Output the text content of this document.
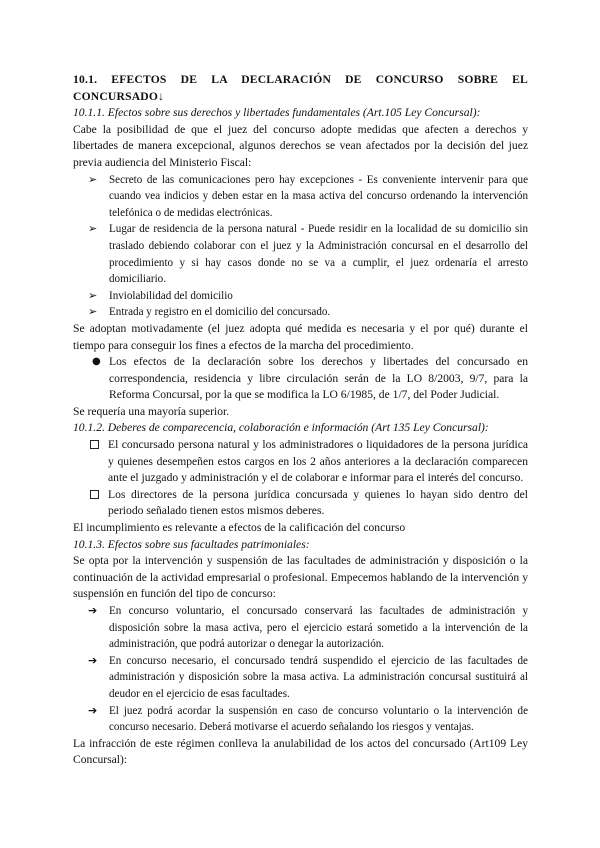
10.1. EFECTOS DE LA DECLARACIÓN DE CONCURSO SOBRE EL CONCURSADO↓

10.1.1. Efectos sobre sus derechos y libertades fundamentales (Art.105 Ley Concursal):

Cabe la posibilidad de que el juez del concurso adopte medidas que afecten a derechos y libertades de manera excepcional, algunos derechos se vean afectados por la decisión del juez previa audiencia del Ministerio Fiscal:

➢	Secreto de las comunicaciones pero hay excepciones - Es conveniente intervenir para que cuando vea indicios y deben estar en la masa activa del concurso ordenando la intervención telefónica o de medidas electrónicas.
➢	Lugar de residencia de la persona natural - Puede residir en la localidad de su domicilio sin traslado debiendo colaborar con el juez y la Administración concursal en el desarrollo del procedimiento y si hay casos donde no se va a cumplir, el juez ordenaría el arresto domiciliario.
➢	Inviolabilidad del domicilio
➢	Entrada y registro en el domicilio del concursado.

Se adoptan motivadamente (el juez adopta qué medida es necesaria y el por qué) durante el tiempo para conseguir los fines a efectos de la marcha del procedimiento.

● Los efectos de la declaración sobre los derechos y libertades del concursado en correspondencia, residencia y libre circulación serán de la LO 8/2003, 9/7, para la Reforma Concursal, por la que se modifica la LO 6/1985, de 1/7, del Poder Judicial.

Se requería una mayoría superior.

10.1.2. Deberes de comparecencia, colaboración e información (Art 135 Ley Concursal):

El concursado persona natural y los administradores o liquidadores de la persona jurídica y quienes desempeñen estos cargos en los 2 años anteriores a la declaración comparecen ante el juzgado y administración y el de colaborar e informar para el interés del concurso.
Los directores de la persona jurídica concursada y quienes lo hayan sido dentro del periodo señalado tienen estos mismos deberes.

El incumplimiento es relevante a efectos de la calificación del concurso

10.1.3. Efectos sobre sus facultades patrimoniales:

Se opta por la intervención y suspensión de las facultades de administración y disposición o la continuación de la actividad empresarial o profesional. Empecemos hablando de la intervención y suspensión en función del tipo de concurso:

➔	En concurso voluntario, el concursado conservará las facultades de administración y disposición sobre la masa activa, pero el ejercicio estará sometido a la intervención de la administración, que podrá autorizar o denegar la autorización.
➔	En concurso necesario, el concursado tendrá suspendido el ejercicio de las facultades de administración y disposición sobre la masa activa. La administración concursal sustituirá al deudor en el ejercicio de esas facultades.
➔	El juez podrá acordar la suspensión en caso de concurso voluntario o la intervención de concurso necesario. Deberá motivarse el acuerdo señalando los riesgos y ventajas.

La infracción de este régimen conlleva la anulabilidad de los actos del concursado (Art109 Ley Concursal):
